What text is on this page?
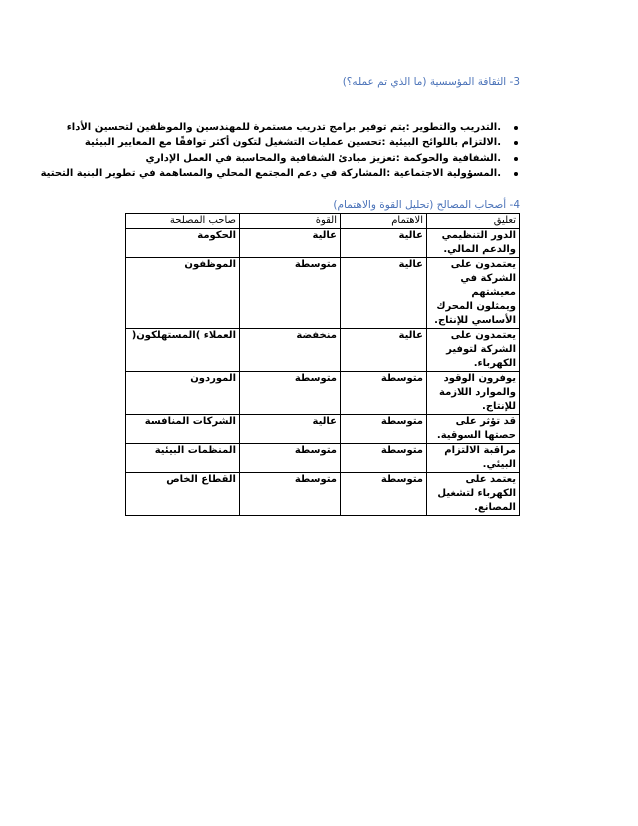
3- الثقافة المؤسسية (ما الذي تم عمله؟)
.التدريب والتطوير :يتم توفير برامج تدريب مستمرة للمهندسين والموظفين لتحسين الأداء
.الالتزام باللوائح البيئية :تحسين عمليات التشغيل لتكون أكثر توافقًا مع المعايير البيئية
.الشفافية والحوكمة :تعزيز مبادئ الشفافية والمحاسبة في العمل الإداري
.المسؤولية الاجتماعية :المشاركة في دعم المجتمع المحلي والمساهمة في تطوير البنية التحتية
4- أصحاب المصالح (تحليل القوة والاهتمام)
تعليق	الاهتمام	القوة	صاحب المصلحة
الدور التنظيمي والدعم المالي.	عالية	عالية	الحكومة
يعتمدون على الشركة في معيشتهم ويمثلون المحرك الأساسي للإنتاج.	عالية	متوسطة	الموظفون
يعتمدون على الشركة لتوفير الكهرباء.	عالية	منخفضة	العملاء )المستهلكون(
يوفرون الوقود والموارد اللازمة للإنتاج.	متوسطة	متوسطة	الموردون
قد تؤثر على حصتها السوقية.	متوسطة	عالية	الشركات المنافسة
مراقبة الالتزام البيئي.	متوسطة	متوسطة	المنظمات البيئية
يعتمد على الكهرباء لتشغيل المصانع.	متوسطة	متوسطة	القطاع الخاص
